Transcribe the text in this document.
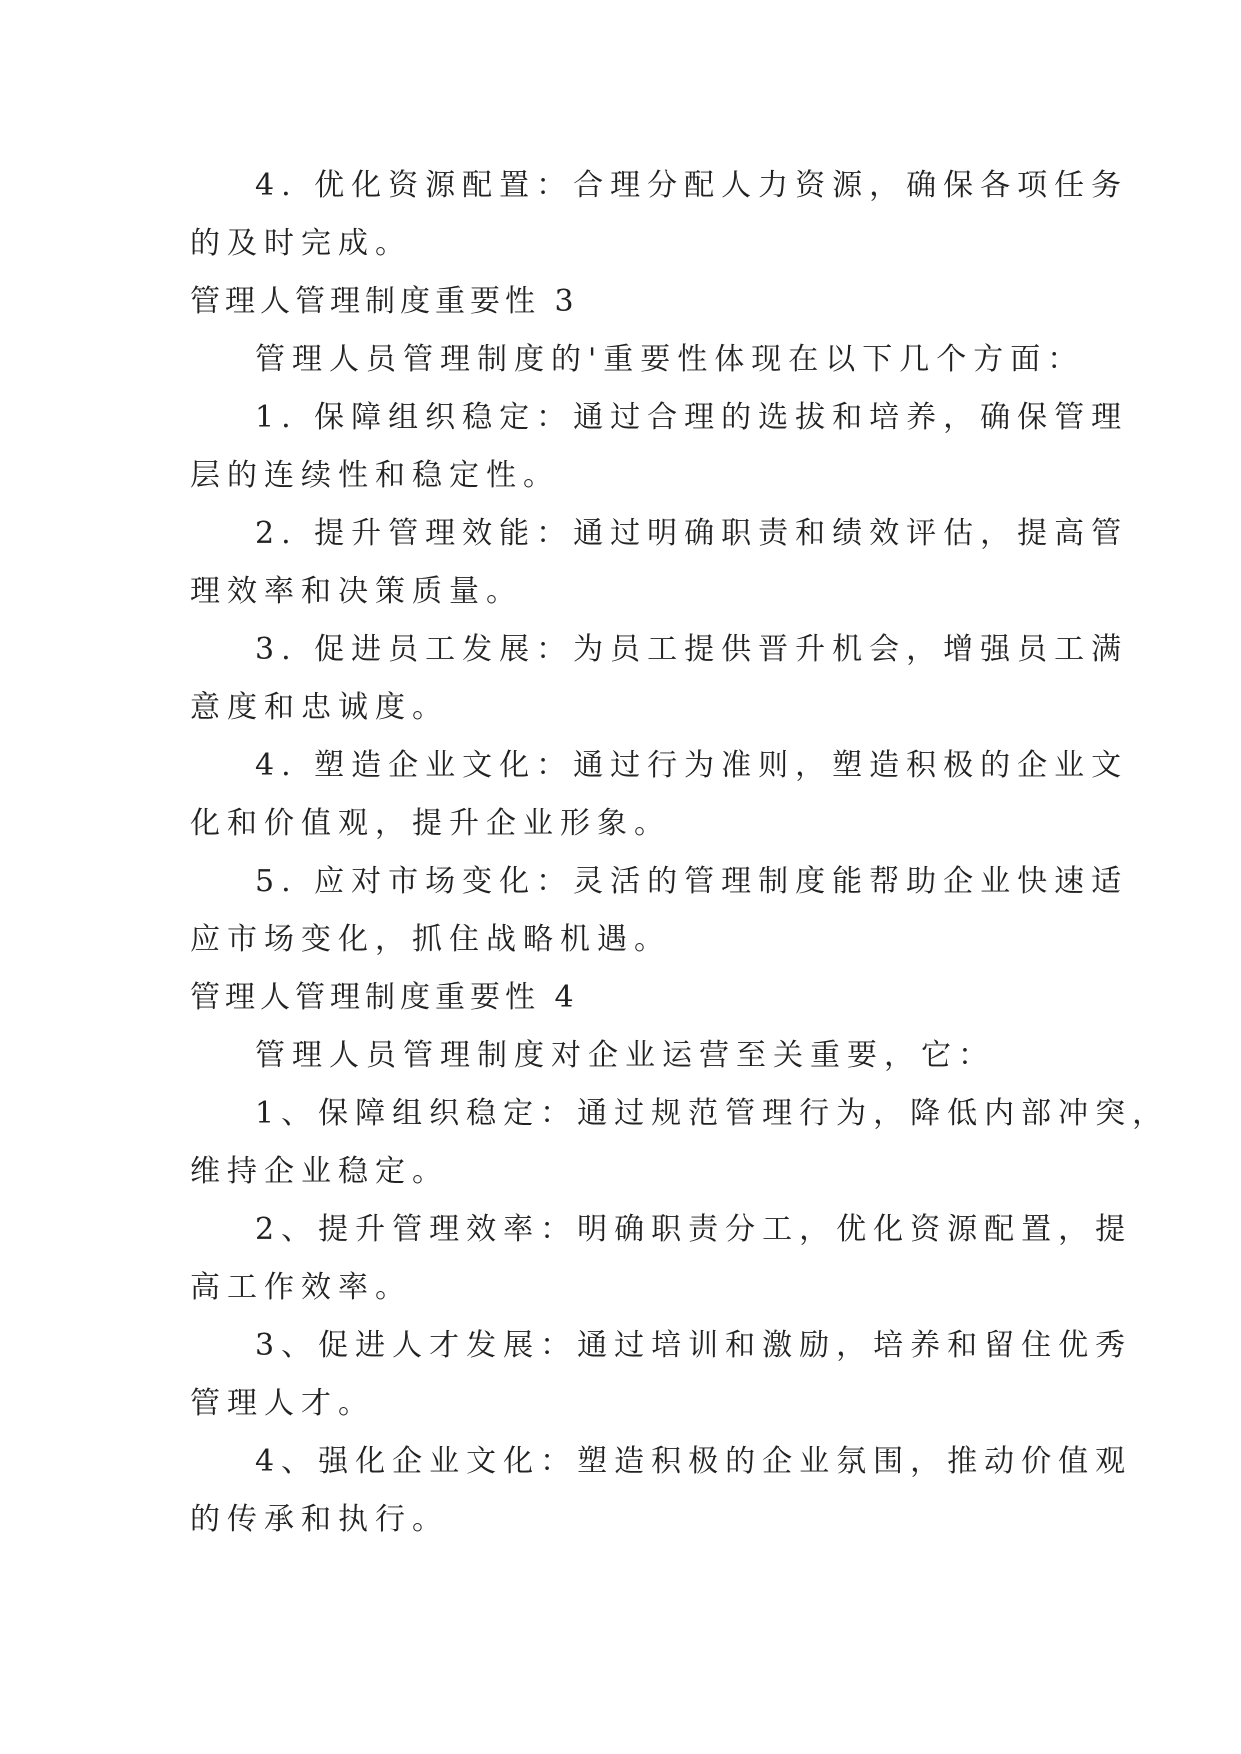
4. 优化资源配置：合理分配人力资源，确保各项任务
的及时完成。
管理人管理制度重要性 3
管理人员管理制度的'重要性体现在以下几个方面：
1. 保障组织稳定：通过合理的选拔和培养，确保管理
层的连续性和稳定性。
2. 提升管理效能：通过明确职责和绩效评估，提高管
理效率和决策质量。
3. 促进员工发展：为员工提供晋升机会，增强员工满
意度和忠诚度。
4. 塑造企业文化：通过行为准则，塑造积极的企业文
化和价值观，提升企业形象。
5. 应对市场变化：灵活的管理制度能帮助企业快速适
应市场变化，抓住战略机遇。
管理人管理制度重要性 4
管理人员管理制度对企业运营至关重要，它：
1、保障组织稳定：通过规范管理行为，降低内部冲突，
维持企业稳定。
2、提升管理效率：明确职责分工，优化资源配置，提
高工作效率。
3、促进人才发展：通过培训和激励，培养和留住优秀
管理人才。
4、强化企业文化：塑造积极的企业氛围，推动价值观
的传承和执行。
